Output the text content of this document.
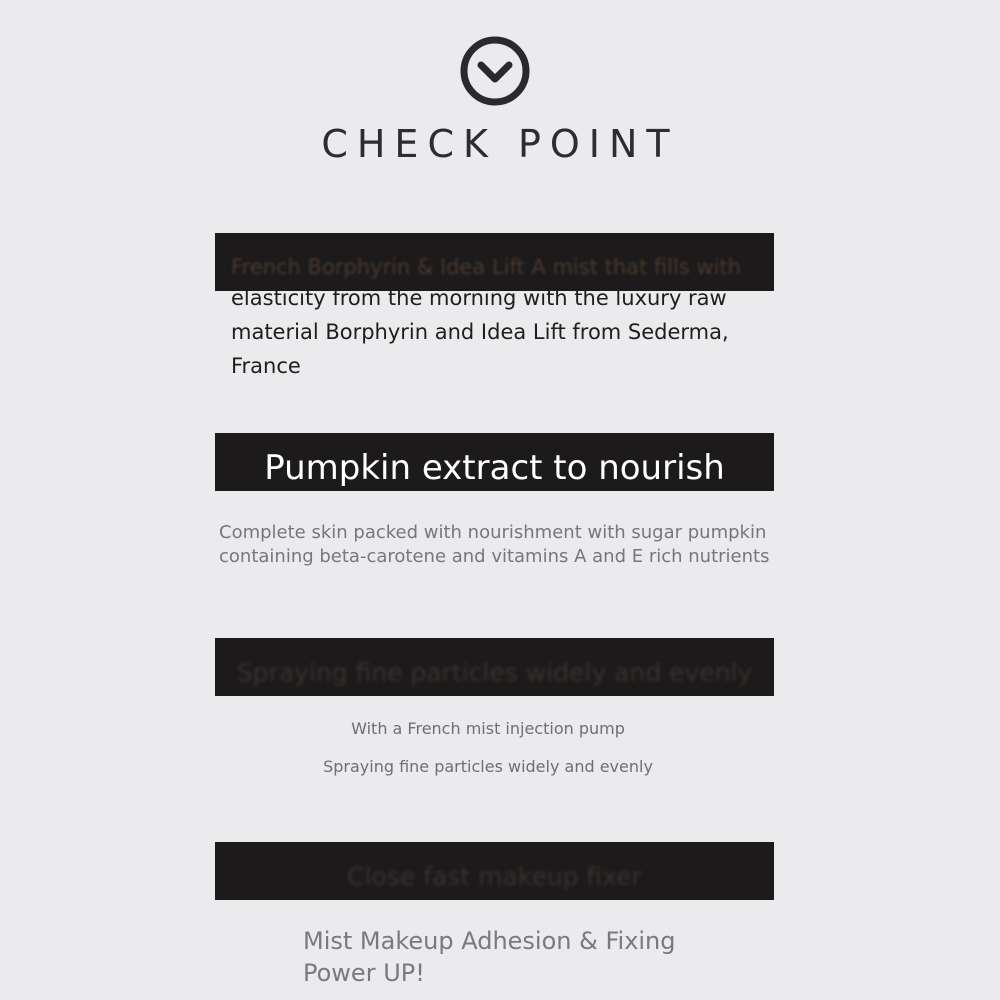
CHECK POINT
French Borphyrin & Idea Lift A mist that fills with
elasticity from the morning with the luxury raw material Borphyrin and Idea Lift from Sederma, France
Pumpkin extract to nourish
Complete skin packed with nourishment with sugar pumpkin containing beta-carotene and vitamins A and E rich nutrients
Spraying fine particles widely and evenly
With a French mist injection pump
Spraying fine particles widely and evenly
Close fast makeup fixer
Mist Makeup Adhesion & Fixing Power UP!
